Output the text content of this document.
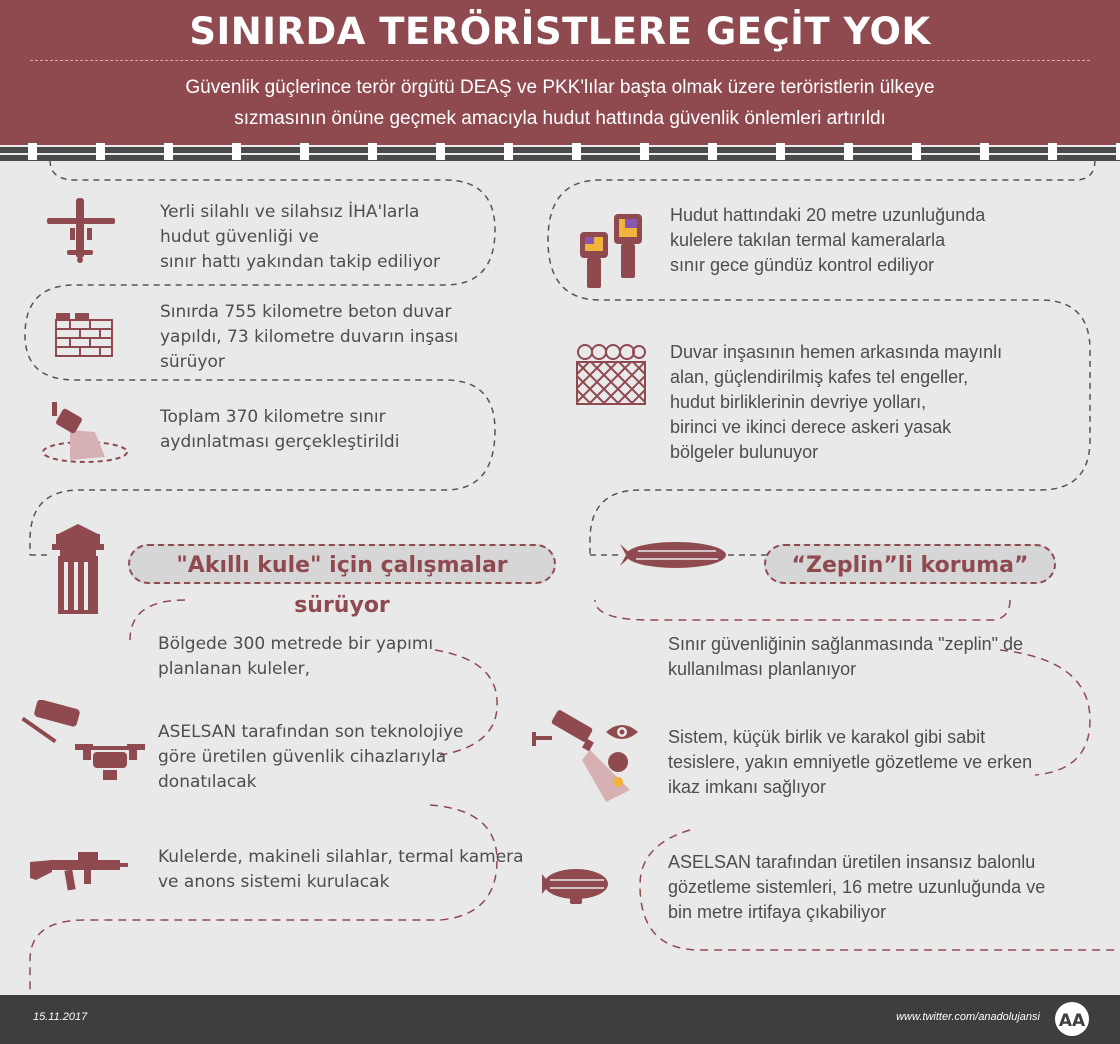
SINIRDA TERÖRİSTLERE GEÇİT YOK
Güvenlik güçlerince terör örgütü DEAŞ ve PKK'lılar başta olmak üzere teröristlerin ülkeye
sızmasının önüne geçmek amacıyla hudut hattında güvenlik önlemleri artırıldı
Yerli silahlı ve silahsız İHA'larla
hudut güvenliği ve
sınır hattı yakından takip ediliyor
Sınırda 755 kilometre beton duvar
yapıldı, 73 kilometre duvarın inşası
sürüyor
Toplam 370 kilometre sınır
aydınlatması gerçekleştirildi
"Akıllı kule" için çalışmalar sürüyor
Bölgede 300 metrede bir yapımı
planlanan kuleler,
ASELSAN tarafından son teknolojiye
göre üretilen güvenlik cihazlarıyla
donatılacak
Kulelerde, makineli silahlar, termal kamera
ve anons sistemi kurulacak
Hudut hattındaki 20 metre uzunluğunda
kulelere takılan termal kameralarla
sınır gece gündüz kontrol ediliyor
Duvar inşasının hemen arkasında mayınlı
alan, güçlendirilmiş kafes tel engeller,
hudut birliklerinin devriye yolları,
birinci ve ikinci derece askeri yasak
bölgeler bulunuyor
“Zeplin”li koruma”
Sınır güvenliğinin sağlanmasında "zeplin" de
kullanılması planlanıyor
Sistem, küçük birlik ve karakol gibi sabit
tesislere, yakın emniyetle gözetleme ve erken
ikaz imkanı sağlıyor
ASELSAN tarafından üretilen insansız balonlu
gözetleme sistemleri, 16 metre uzunluğunda ve
bin metre irtifaya çıkabiliyor
15.11.2017	www.twitter.com/anadolujansi AA
